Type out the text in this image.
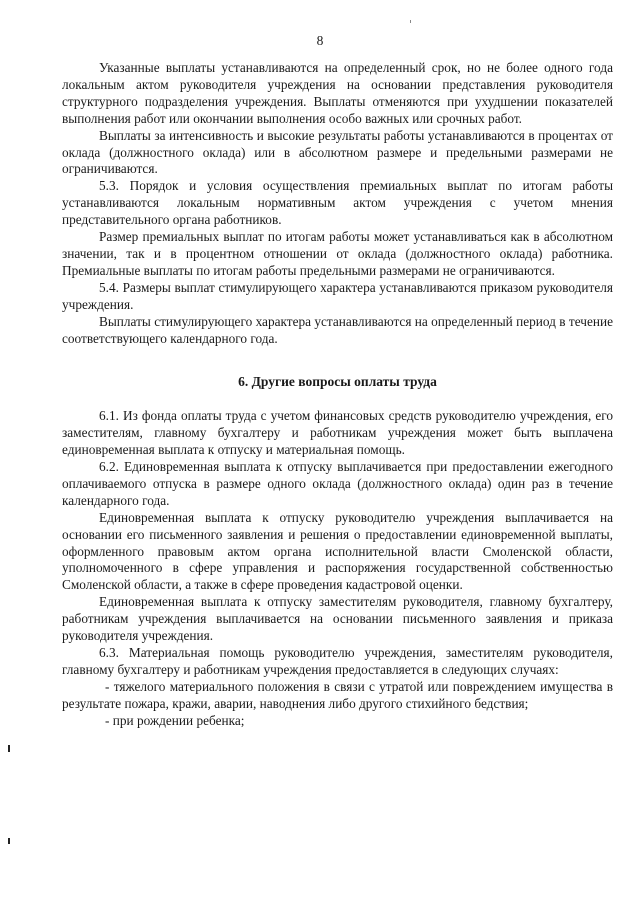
8

Указанные выплаты устанавливаются на определенный срок, но не более одного года локальным актом руководителя учреждения на основании представления руководителя структурного подразделения учреждения. Выплаты отменяются при ухудшении показателей выполнения работ или окончании выполнения особо важных или срочных работ.

Выплаты за интенсивность и высокие результаты работы устанавливаются в процентах от оклада (должностного оклада) или в абсолютном размере и предельными размерами не ограничиваются.

5.3. Порядок и условия осуществления премиальных выплат по итогам работы устанавливаются локальным нормативным актом учреждения с учетом мнения представительного органа работников.

Размер премиальных выплат по итогам работы может устанавливаться как в абсолютном значении, так и в процентном отношении от оклада (должностного оклада) работника. Премиальные выплаты по итогам работы предельными размерами не ограничиваются.

5.4. Размеры выплат стимулирующего характера устанавливаются приказом руководителя учреждения.

Выплаты стимулирующего характера устанавливаются на определенный период в течение соответствующего календарного года.

6. Другие вопросы оплаты труда

6.1. Из фонда оплаты труда с учетом финансовых средств руководителю учреждения, его заместителям, главному бухгалтеру и работникам учреждения может быть выплачена единовременная выплата к отпуску и материальная помощь.

6.2. Единовременная выплата к отпуску выплачивается при предоставлении ежегодного оплачиваемого отпуска в размере одного оклада (должностного оклада) один раз в течение календарного года.

Единовременная выплата к отпуску руководителю учреждения выплачивается на основании его письменного заявления и решения о предоставлении единовременной выплаты, оформленного правовым актом органа исполнительной власти Смоленской области, уполномоченного в сфере управления и распоряжения государственной собственностью Смоленской области, а также в сфере проведения кадастровой оценки.

Единовременная выплата к отпуску заместителям руководителя, главному бухгалтеру, работникам учреждения выплачивается на основании письменного заявления и приказа руководителя учреждения.

6.3. Материальная помощь руководителю учреждения, заместителям руководителя, главному бухгалтеру и работникам учреждения предоставляется в следующих случаях:

- тяжелого материального положения в связи с утратой или повреждением имущества в результате пожара, кражи, аварии, наводнения либо другого стихийного бедствия;

- при рождении ребенка;
